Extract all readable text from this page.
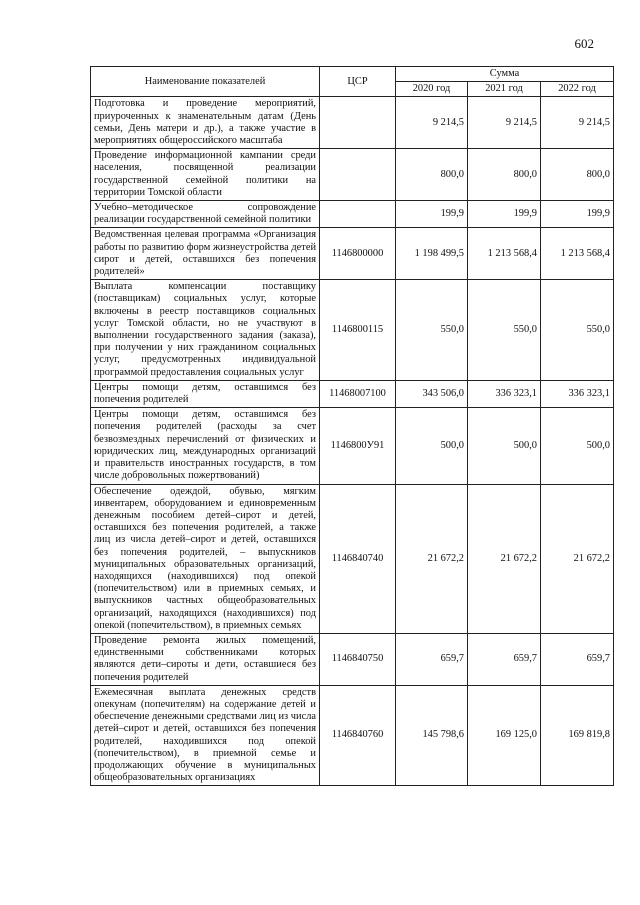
602
Наименование показателей	ЦСР	Сумма		
		2020 год	2021 год	2022 год
Подготовка и проведение мероприятий, приуроченных к знаменательным датам (День семьи, День матери и др.), а также участие в мероприятиях общероссийского масштаба		9 214,5	9 214,5	9 214,5
Проведение информационной кампании среди населения, посвященной реализации государственной семейной политики на территории Томской области		800,0	800,0	800,0
Учебно–методическое сопровождение реализации государственной семейной политики		199,9	199,9	199,9
Ведомственная целевая программа «Организация работы по развитию форм жизнеустройства детей сирот и детей, оставшихся без попечения родителей»	1146800000	1 198 499,5	1 213 568,4	1 213 568,4
Выплата компенсации поставщику (поставщикам) социальных услуг, которые включены в реестр поставщиков социальных услуг Томской области, но не участвуют в выполнении государственного задания (заказа), при получении у них гражданином социальных услуг, предусмотренных индивидуальной программой предоставления социальных услуг	1146800115	550,0	550,0	550,0
Центры помощи детям, оставшимся без попечения родителей	11468007100	343 506,0	336 323,1	336 323,1
Центры помощи детям, оставшимся без попечения родителей (расходы за счет безвозмездных перечислений от физических и юридических лиц, международных организаций и правительств иностранных государств, в том числе добровольных пожертвований)	1146800У91	500,0	500,0	500,0
Обеспечение одеждой, обувью, мягким инвентарем, оборудованием и единовременным денежным пособием детей–сирот и детей, оставшихся без попечения родителей, а также лиц из числа детей–сирот и детей, оставшихся без попечения родителей, – выпускников муниципальных образовательных организаций, находящихся (находившихся) под опекой (попечительством) или в приемных семьях, и выпускников частных общеобразовательных организаций, находящихся (находившихся) под опекой (попечительством), в приемных семьях	1146840740	21 672,2	21 672,2	21 672,2
Проведение ремонта жилых помещений, единственными собственниками которых являются дети–сироты и дети, оставшиеся без попечения родителей	1146840750	659,7	659,7	659,7
Ежемесячная выплата денежных средств опекунам (попечителям) на содержание детей и обеспечение денежными средствами лиц из числа детей–сирот и детей, оставшихся без попечения родителей, находившихся под опекой (попечительством), в приемной семье и продолжающих обучение в муниципальных общеобразовательных организациях	1146840760	145 798,6	169 125,0	169 819,8
